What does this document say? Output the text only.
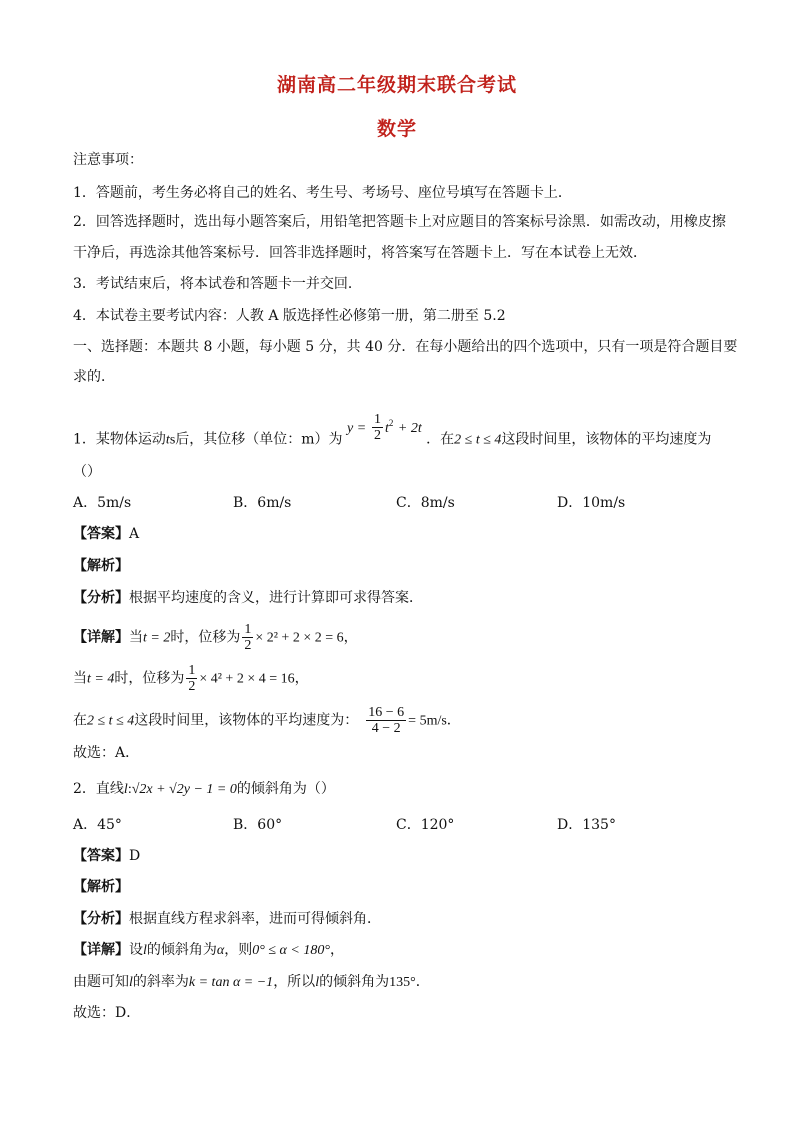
湖南高二年级期末联合考试
数学
注意事项：
1．答题前，考生务必将自己的姓名、考生号、考场号、座位号填写在答题卡上．
2．回答选择题时，选出每小题答案后，用铅笔把答题卡上对应题目的答案标号涂黑．如需改动，用橡皮擦
干净后，再选涂其他答案标号．回答非选择题时，将答案写在答题卡上．写在本试卷上无效．
3．考试结束后，将本试卷和答题卡一并交回．
4．本试卷主要考试内容：人教 A 版选择性必修第一册，第二册至 5.2
一、选择题：本题共 8 小题，每小题 5 分，共 40 分．在每小题给出的四个选项中，只有一项是符合题目要
求的．
1．某物体运动ts后，其位移（单位：m）为 $y = \frac{1}{2} t^2 + 2t$ ．在2 ≤ t ≤ 4这段时间里，该物体的平均速度为
（）
A．5m/s	B．6m/s	C．8m/s	D．10m/s
【答案】A
【解析】
【分析】根据平均速度的含义，进行计算即可求得答案．
【详解】当t = 2时，位移为 $\frac{1}{2} \times 2^2 + 2 \times 2 = 6$，
当t = 4时，位移为 $\frac{1}{2} \times 4^2 + 2 \times 4 = 16$，
在2 ≤ t ≤ 4这段时间里，该物体的平均速度为： $\frac{16 - 6}{4 - 2} = 5m/s$．
故选：A．
2．直线l:√2x + √2y − 1 = 0的倾斜角为（）
A．45°	B．60°	C．120°	D．135°
【答案】D
【解析】
【分析】根据直线方程求斜率，进而可得倾斜角．
【详解】设l的倾斜角为α，则0° ≤ α < 180°，
由题可知l的斜率为k = tan α = −1，所以l的倾斜角为135°．
故选：D．
